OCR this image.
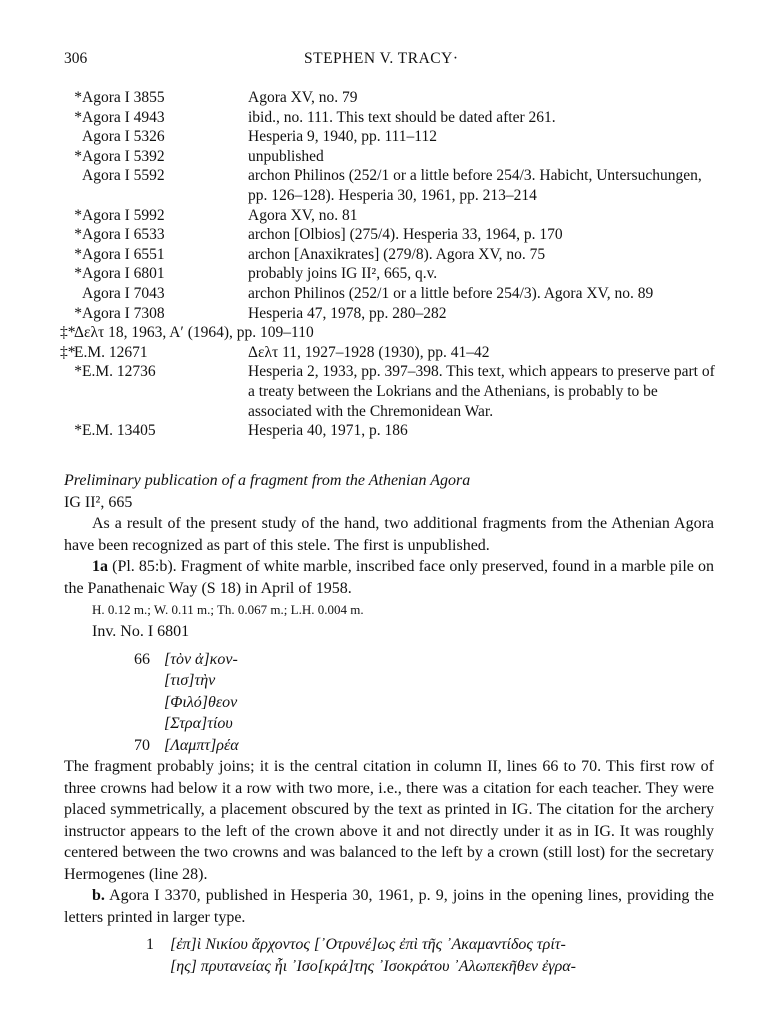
306	STEPHEN V. TRACY·
*Agora I 3855	Agora XV, no. 79
*Agora I 4943	ibid., no. 111. This text should be dated after 261.
Agora I 5326	Hesperia 9, 1940, pp. 111–112
*Agora I 5392	unpublished
Agora I 5592	archon Philinos (252/1 or a little before 254/3. Habicht, Untersuchungen, pp. 126–128). Hesperia 30, 1961, pp. 213–214
*Agora I 5992	Agora XV, no. 81
*Agora I 6533	archon [Olbios] (275/4). Hesperia 33, 1964, p. 170
*Agora I 6551	archon [Anaxikrates] (279/8). Agora XV, no. 75
*Agora I 6801	probably joins IG II², 665, q.v.
Agora I 7043	archon Philinos (252/1 or a little before 254/3). Agora XV, no. 89
*Agora I 7308	Hesperia 47, 1978, pp. 280–282
‡*Δελτ 18, 1963, Α′ (1964), pp. 109–110
‡*E.M. 12671	Δελτ 11, 1927–1928 (1930), pp. 41–42
*E.M. 12736	Hesperia 2, 1933, pp. 397–398. This text, which appears to preserve part of a treaty between the Lokrians and the Athenians, is probably to be associated with the Chremonidean War.
*E.M. 13405	Hesperia 40, 1971, p. 186

Preliminary publication of a fragment from the Athenian Agora

IG II², 665

As a result of the present study of the hand, two additional fragments from the Athenian Agora have been recognized as part of this stele. The first is unpublished.

1a (Pl. 85:b). Fragment of white marble, inscribed face only preserved, found in a marble pile on the Panathenaic Way (S 18) in April of 1958.

H. 0.12 m.; W. 0.11 m.; Th. 0.067 m.; L.H. 0.004 m.

Inv. No. I 6801

66 [τὸν ἀ]κον-
[τισ]τὴν
[Φιλό]θεον
[Στρα]τίου
70 [Λαμπτ]ρέα

The fragment probably joins; it is the central citation in column II, lines 66 to 70. This first row of three crowns had below it a row with two more, i.e., there was a citation for each teacher. They were placed symmetrically, a placement obscured by the text as printed in IG. The citation for the archery instructor appears to the left of the crown above it and not directly under it as in IG. It was roughly centered between the two crowns and was balanced to the left by a crown (still lost) for the secretary Hermogenes (line 28).

b. Agora I 3370, published in Hesperia 30, 1961, p. 9, joins in the opening lines, providing the letters printed in larger type.

1	[ἐπ]ὶ Νικίου ἄρχοντος [᾿Οτρυνέ]ως ἐπὶ τῆς ᾿Ακαμαντίδος τρίτ-
[ης] πρυτανείας ἧι ᾿Ισο[κρά]της ᾿Ισοκράτου ᾿Αλωπεκῆθεν ἐγρα-
